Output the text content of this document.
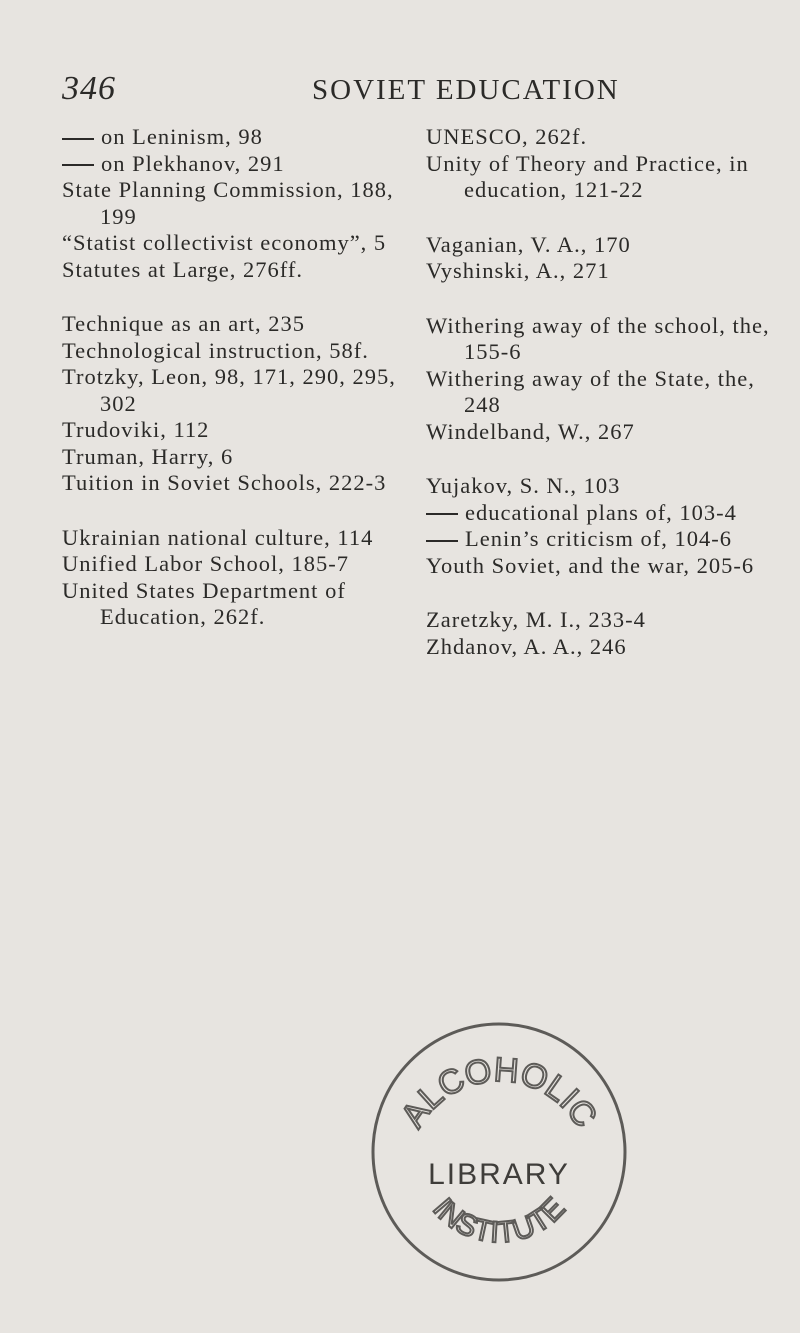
346	SOVIET EDUCATION

on Leninism, 98

on Plekhanov, 291

State Planning Commission, 188, 199

“Statist collectivist economy”, 5

Statutes at Large, 276ff.

Technique as an art, 235

Technological instruction, 58f.

Trotzky, Leon, 98, 171, 290, 295, 302

Trudoviki, 112

Truman, Harry, 6

Tuition in Soviet Schools, 222-3

Ukrainian national culture, 114

Unified Labor School, 185-7

United States Department of Education, 262f.

UNESCO, 262f.

Unity of Theory and Practice, in education, 121-22

Vaganian, V. A., 170

Vyshinski, A., 271

Withering away of the school, the, 155-6

Withering away of the State, the, 248

Windelband, W., 267

Yujakov, S. N., 103

educational plans of, 103-4

Lenin’s criticism of, 104-6

Youth Soviet, and the war, 205-6

Zaretzky, M. I., 233-4

Zhdanov, A. A., 246

ALCOHOLIC
INSTITUTE
LIBRARY
